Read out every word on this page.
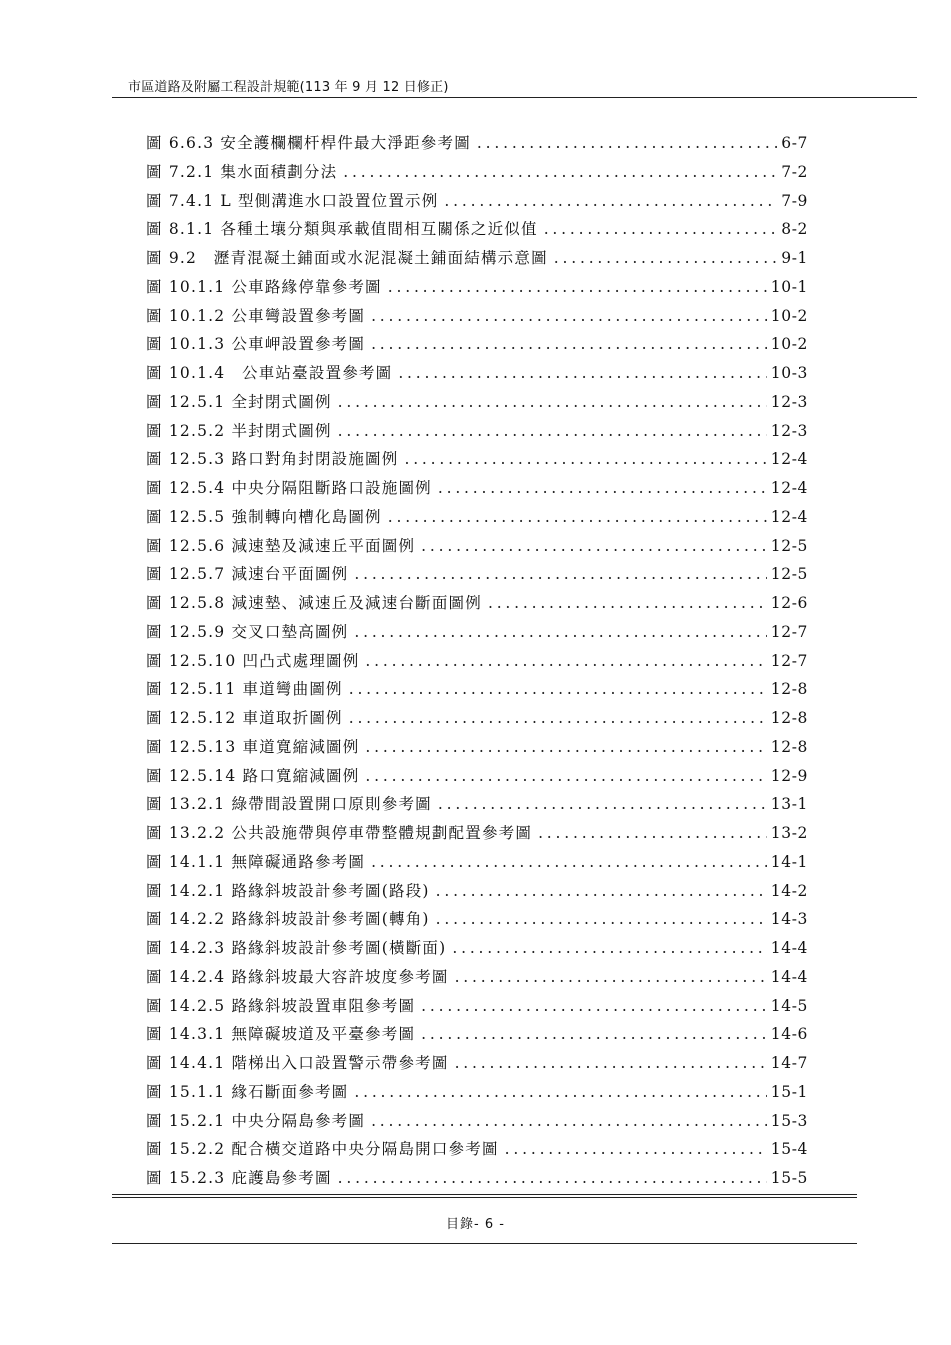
市區道路及附屬工程設計規範(113 年 9 月 12 日修正)
圖 6.6.3 安全護欄欄杆桿件最大淨距參考圖 .....	6-7
圖 7.2.1 集水面積劃分法 .....	7-2
圖 7.4.1 L 型側溝進水口設置位置示例 .....	7-9
圖 8.1.1 各種土壤分類與承載值間相互關係之近似值 .....	8-2
圖 9.2　瀝青混凝土鋪面或水泥混凝土鋪面結構示意圖 .....	9-1
圖 10.1.1 公車路緣停靠參考圖 .....	10-1
圖 10.1.2 公車彎設置參考圖 .....	10-2
圖 10.1.3 公車岬設置參考圖 .....	10-2
圖 10.1.4　公車站臺設置參考圖 .....	10-3
圖 12.5.1 全封閉式圖例 .....	12-3
圖 12.5.2 半封閉式圖例 .....	12-3
圖 12.5.3 路口對角封閉設施圖例 .....	12-4
圖 12.5.4 中央分隔阻斷路口設施圖例 .....	12-4
圖 12.5.5 強制轉向槽化島圖例 .....	12-4
圖 12.5.6 減速墊及減速丘平面圖例 .....	12-5
圖 12.5.7 減速台平面圖例 .....	12-5
圖 12.5.8 減速墊、減速丘及減速台斷面圖例 .....	12-6
圖 12.5.9 交叉口墊高圖例 .....	12-7
圖 12.5.10 凹凸式處理圖例 .....	12-7
圖 12.5.11 車道彎曲圖例 .....	12-8
圖 12.5.12 車道取折圖例 .....	12-8
圖 12.5.13 車道寬縮減圖例 .....	12-8
圖 12.5.14 路口寬縮減圖例 .....	12-9
圖 13.2.1 綠帶間設置開口原則參考圖 .....	13-1
圖 13.2.2 公共設施帶與停車帶整體規劃配置參考圖 .....	13-2
圖 14.1.1 無障礙通路參考圖 .....	14-1
圖 14.2.1 路緣斜坡設計參考圖(路段) .....	14-2
圖 14.2.2 路緣斜坡設計參考圖(轉角) .....	14-3
圖 14.2.3 路緣斜坡設計參考圖(橫斷面) .....	14-4
圖 14.2.4 路緣斜坡最大容許坡度參考圖 .....	14-4
圖 14.2.5 路緣斜坡設置車阻參考圖 .....	14-5
圖 14.3.1 無障礙坡道及平臺參考圖 .....	14-6
圖 14.4.1 階梯出入口設置警示帶參考圖 .....	14-7
圖 15.1.1 緣石斷面參考圖 .....	15-1
圖 15.2.1 中央分隔島參考圖 .....	15-3
圖 15.2.2 配合橫交道路中央分隔島開口參考圖 .....	15-4
圖 15.2.3 庇護島參考圖 .....	15-5
目錄- 6 -
